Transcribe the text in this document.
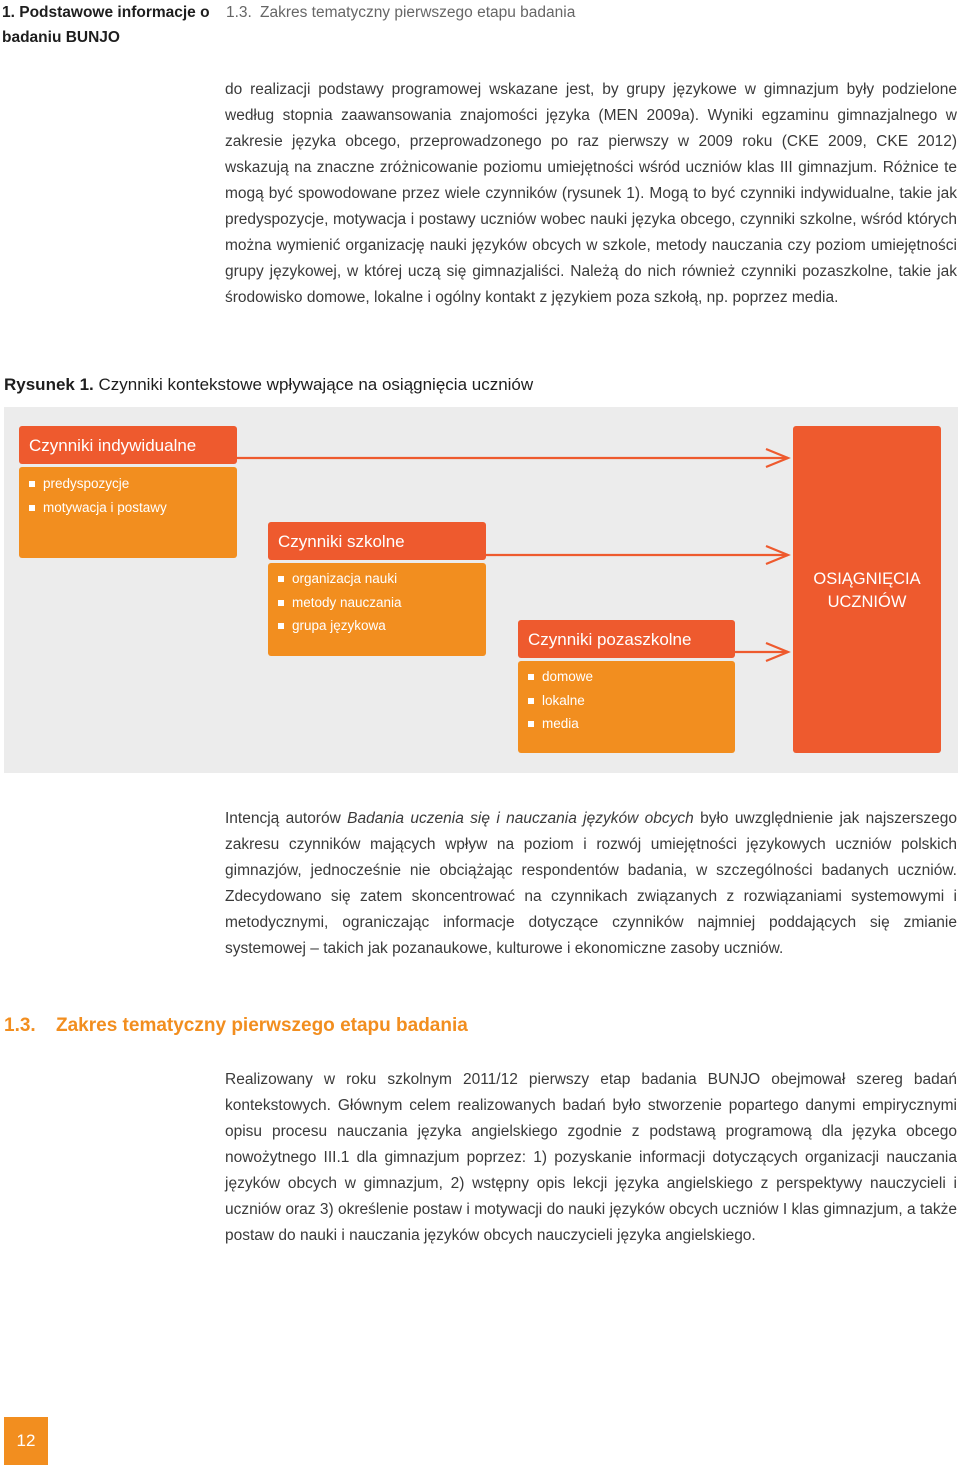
1. Podstawowe informacje o badaniu BUNJO
1.3. Zakres tematyczny pierwszego etapu badania

do realizacji podstawy programowej wskazane jest, by grupy językowe w gimnazjum były podzielone według stopnia zaawansowania znajomości języka (MEN 2009a). Wyniki egzaminu gimnazjalnego w zakresie języka obcego, przeprowadzonego po raz pierwszy w 2009 roku (CKE 2009, CKE 2012) wskazują na znaczne zróżnicowanie poziomu umiejętności wśród uczniów klas III gimnazjum. Różnice te mogą być spowodowane przez wiele czynników (rysunek 1). Mogą to być czynniki indywidualne, takie jak predyspozycje, motywacja i postawy uczniów wobec nauki języka obcego, czynniki szkolne, wśród których można wymienić organizację nauki języków obcych w szkole, metody nauczania czy poziom umiejętności grupy językowej, w której uczą się gimnazjaliści. Należą do nich również czynniki pozaszkolne, takie jak środowisko domowe, lokalne i ogólny kontakt z językiem poza szkołą, np. poprzez media.

Rysunek 1. Czynniki kontekstowe wpływające na osiągnięcia uczniów
Czynniki indywidualne
predyspozycje
motywacja i postawy
Czynniki szkolne
organizacja nauki
metody nauczania
grupa językowa
Czynniki pozaszkolne
domowe
lokalne
media
OSIĄGNIĘCIA
UCZNIÓW

Intencją autorów Badania uczenia się i nauczania języków obcych było uwzględnienie jak najszerszego zakresu czynników mających wpływ na poziom i rozwój umiejętności językowych uczniów polskich gimnazjów, jednocześnie nie obciążając respondentów badania, w szczególności badanych uczniów. Zdecydowano się zatem skoncentrować na czynnikach związanych z rozwiązaniami systemowymi i metodycznymi, ograniczając informacje dotyczące czynników najmniej poddających się zmianie systemowej – takich jak pozanaukowe, kulturowe i ekonomiczne zasoby uczniów.

1.3. Zakres tematyczny pierwszego etapu badania

Realizowany w roku szkolnym 2011/12 pierwszy etap badania BUNJO obejmował szereg badań kontekstowych. Głównym celem realizowanych badań było stworzenie popartego danymi empirycznymi opisu procesu nauczania języka angielskiego zgodnie z podstawą programową dla języka obcego nowożytnego III.1 dla gimnazjum poprzez: 1) pozyskanie informacji dotyczących organizacji nauczania języków obcych w gimnazjum, 2) wstępny opis lekcji języka angielskiego z perspektywy nauczycieli i uczniów oraz 3) określenie postaw i motywacji do nauki języków obcych uczniów I klas gimnazjum, a także postaw do nauki i nauczania języków obcych nauczycieli języka angielskiego.

12
